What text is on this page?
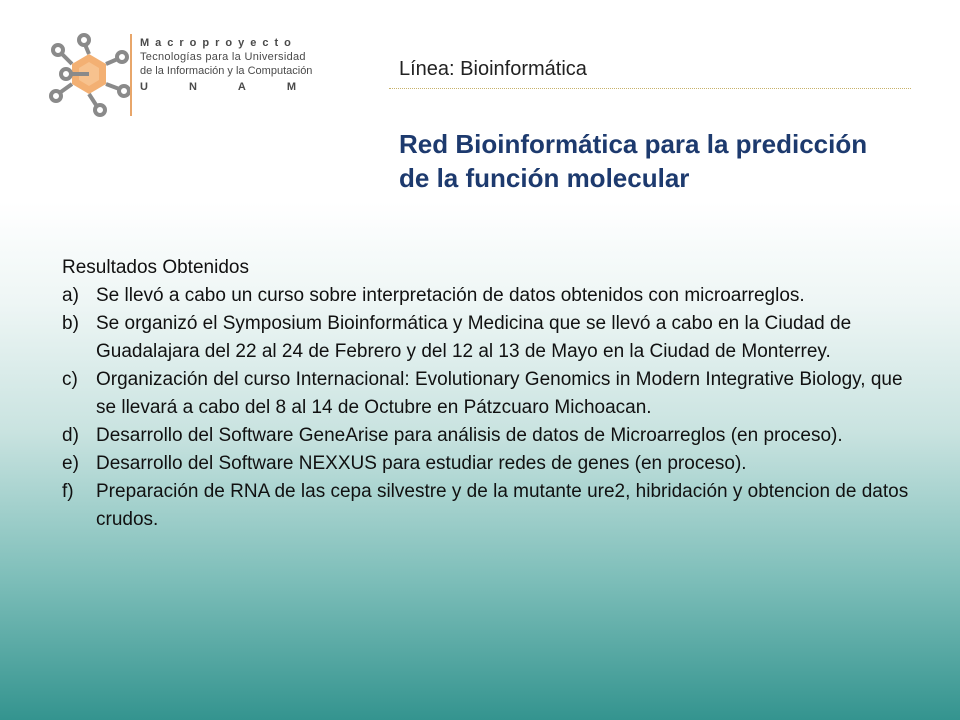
Macroproyecto
Tecnologías para la Universidad
de la Información y la Computación
UNAM
Línea: Bioinformática
Red Bioinformática para la predicción de la función molecular

Resultados Obtenidos

a) Se llevó a cabo un curso sobre interpretación de datos obtenidos con microarreglos.
b) Se organizó el Symposium Bioinformática y Medicina que se llevó a cabo en la Ciudad de Guadalajara del 22 al 24 de Febrero y del 12 al 13 de Mayo en la Ciudad de Monterrey.
c) Organización del curso Internacional: Evolutionary Genomics in Modern Integrative Biology, que se llevará a cabo del 8 al 14 de Octubre en Pátzcuaro Michoacan.
d) Desarrollo del Software GeneArise para análisis de datos de Microarreglos (en proceso).
e) Desarrollo del Software NEXXUS para estudiar redes de genes (en proceso).
f)	Preparación de RNA de las cepa silvestre y de la mutante ure2, hibridación y obtencion de datos crudos.
